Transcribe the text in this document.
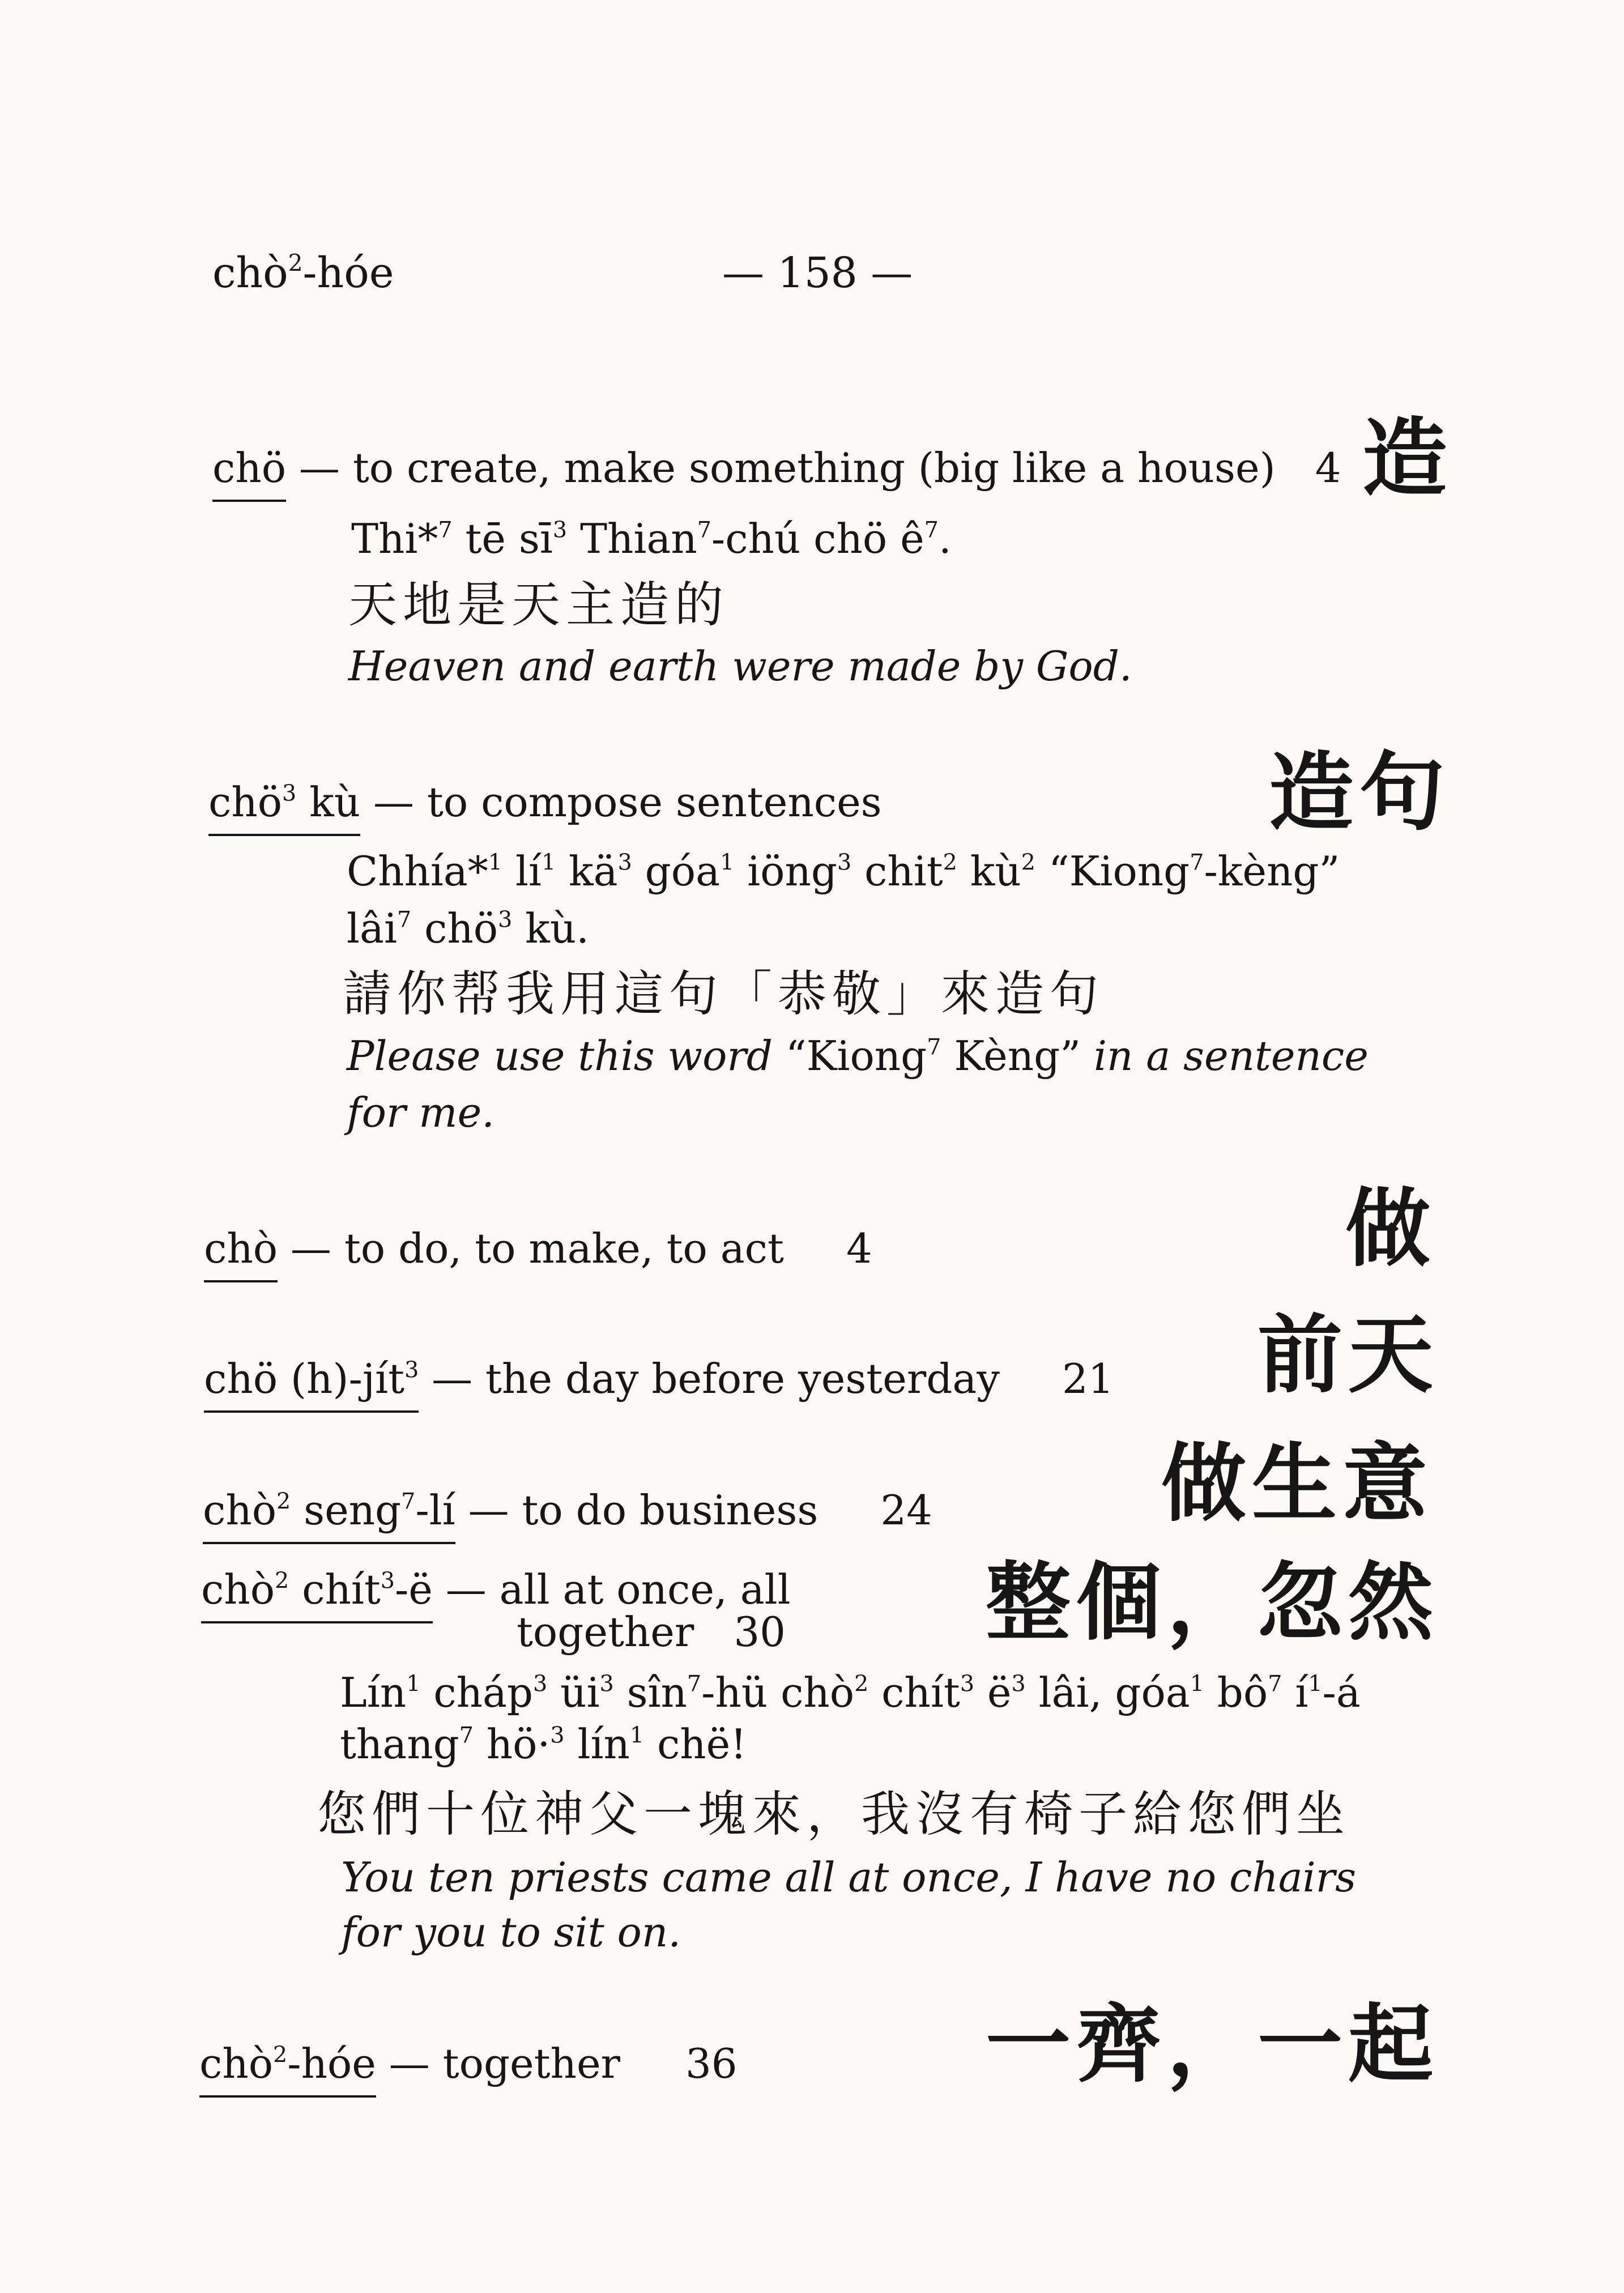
chò$^2$-hóe	— 158 —
chö — to create, make something (big like a house) 4 造
Thi*$^7$ tē $sī^3$ Thian$^7$-chú chö $ê^7$.
天地是天主造的
Heaven and earth were made by God.
chö$^3$ kù — to compose sentences	造句
Chhía*$^1$ $lí^1$ $kä^3$ góa$^1$ iöng$^3$ chit$^2$ $kù^2$ “Kiong$^7$-kèng”
lâi$^7$ chö$^3$ kù.
請你帮我用這句「恭敬」來造句
Please use this word “Kiong$^7$ Kèng” in a sentence
for me.
chò — to do, to make, to act 4	做
chö (h)-jít$^3$ — the day before yesterday 21 前天
chò$^2$ seng$^7$-lí — to do business 24	做生意
chò$^2$ chít$^3$-ë — all at once, all
together 30 整個，忽然
Lín$^1$ cháp$^3$ $üi^3$ sîn$^7$-hü chò$^2$ chít$^3$ $ë^3$ lâi, góa$^1$ $bô^7$ $í^1-á$
thang$^7$ hö·$^3$ lín$^1$ chë!
您們十位神父一塊來，我沒有椅子給您們坐
You ten priests came all at once, I have no chairs
for you to sit on.
chò$^2$-hóe — together 36	一齊，一起
